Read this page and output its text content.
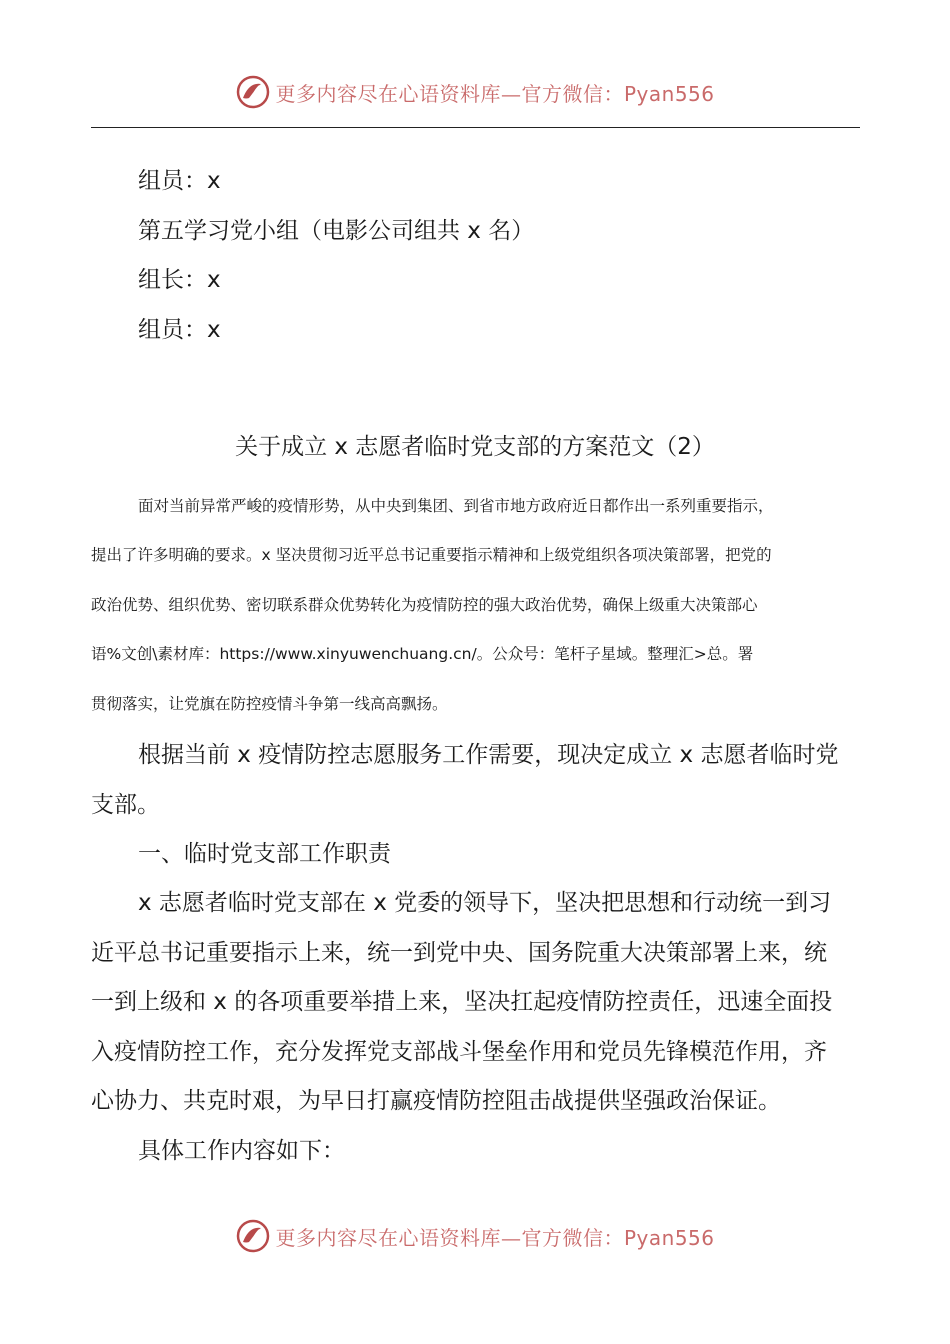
更多内容尽在心语资料库—官方微信：Pyan556
组员：x
第五学习党小组（电影公司组共 x 名）
组长：x
组员：x
关于成立 x 志愿者临时党支部的方案范文（2）
面对当前异常严峻的疫情形势，从中央到集团、到省市地方政府近日都作出一系列重要指示，
提出了许多明确的要求。x 坚决贯彻习近平总书记重要指示精神和上级党组织各项决策部署，把党的
政治优势、组织优势、密切联系群众优势转化为疫情防控的强大政治优势，确保上级重大决策部心
语%文创\素材库：https://www.xinyuwenchuang.cn/。公众号：笔杆子星域。整理汇>总。署
贯彻落实，让党旗在防控疫情斗争第一线高高飘扬。
根据当前 x 疫情防控志愿服务工作需要，现决定成立 x 志愿者临时党
支部。
一、临时党支部工作职责
x 志愿者临时党支部在 x 党委的领导下，坚决把思想和行动统一到习
近平总书记重要指示上来，统一到党中央、国务院重大决策部署上来，统
一到上级和 x 的各项重要举措上来，坚决扛起疫情防控责任，迅速全面投
入疫情防控工作，充分发挥党支部战斗堡垒作用和党员先锋模范作用，齐
心协力、共克时艰，为早日打赢疫情防控阻击战提供坚强政治保证。
具体工作内容如下：
更多内容尽在心语资料库—官方微信：Pyan556
